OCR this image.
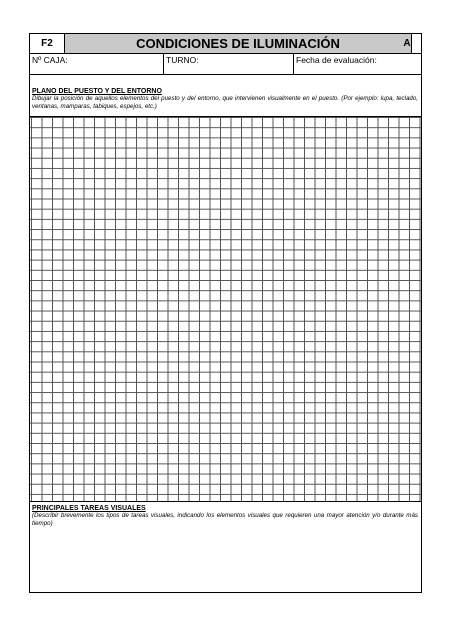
F2	CONDICIONES DE ILUMINACIÓN	A
Nº CAJA:	TURNO:	Fecha de evaluación:
PLANO DEL PUESTO Y DEL ENTORNO
Dibujar la posición de aquellos elementos del puesto y del entorno, que intervienen visualmente en el puesto. (Por ejemplo: lupa, teclado, ventanas, mamparas, tabiques, espejos, etc.)
PRINCIPALES TAREAS VISUALES
(Describir brevemente los tipos de tareas visuales, indicando los elementos visuales que requieren una mayor atención y/o durante más tiempo)
